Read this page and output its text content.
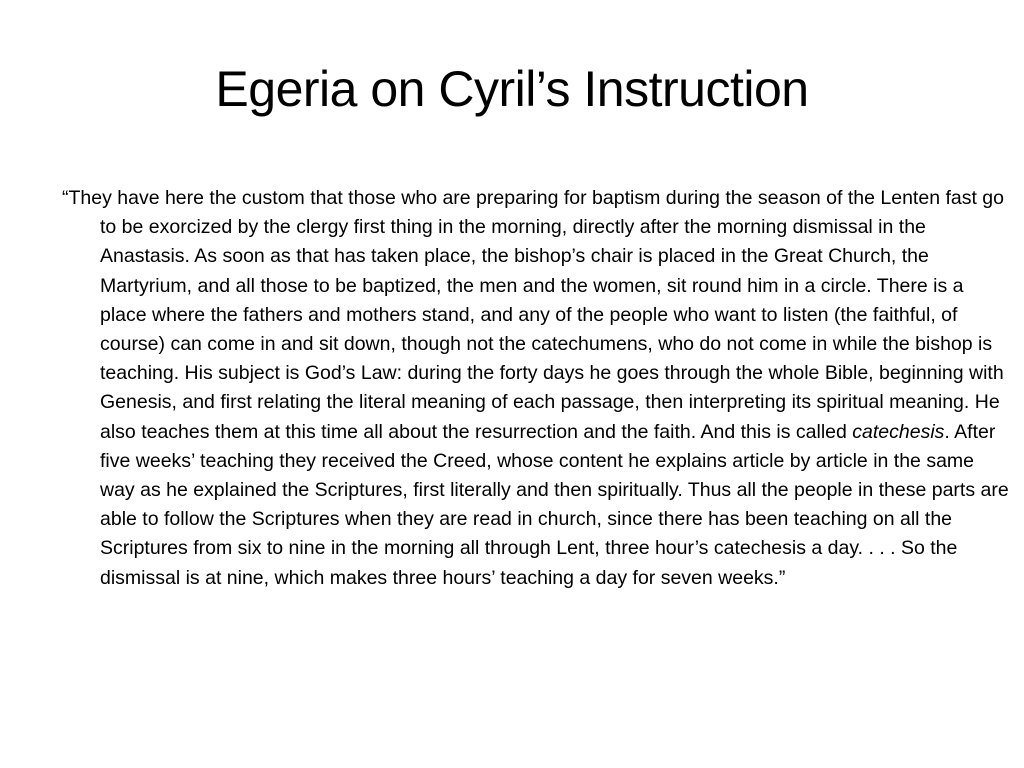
Egeria on Cyril’s Instruction

“They have here the custom that those who are preparing for baptism during the season of the Lenten fast go to be exorcized by the clergy first thing in the morning, directly after the morning dismissal in the Anastasis. As soon as that has taken place, the bishop’s chair is placed in the Great Church, the Martyrium, and all those to be baptized, the men and the women, sit round him in a circle. There is a place where the fathers and mothers stand, and any of the people who want to listen (the faithful, of course) can come in and sit down, though not the catechumens, who do not come in while the bishop is teaching. His subject is God’s Law: during the forty days he goes through the whole Bible, beginning with Genesis, and first relating the literal meaning of each passage, then interpreting its spiritual meaning. He also teaches them at this time all about the resurrection and the faith. And this is called catechesis. After five weeks’ teaching they received the Creed, whose content he explains article by article in the same way as he explained the Scriptures, first literally and then spiritually. Thus all the people in these parts are able to follow the Scriptures when they are read in church, since there has been teaching on all the Scriptures from six to nine in the morning all through Lent, three hour’s catechesis a day. . . . So the dismissal is at nine, which makes three hours’ teaching a day for seven weeks.”
